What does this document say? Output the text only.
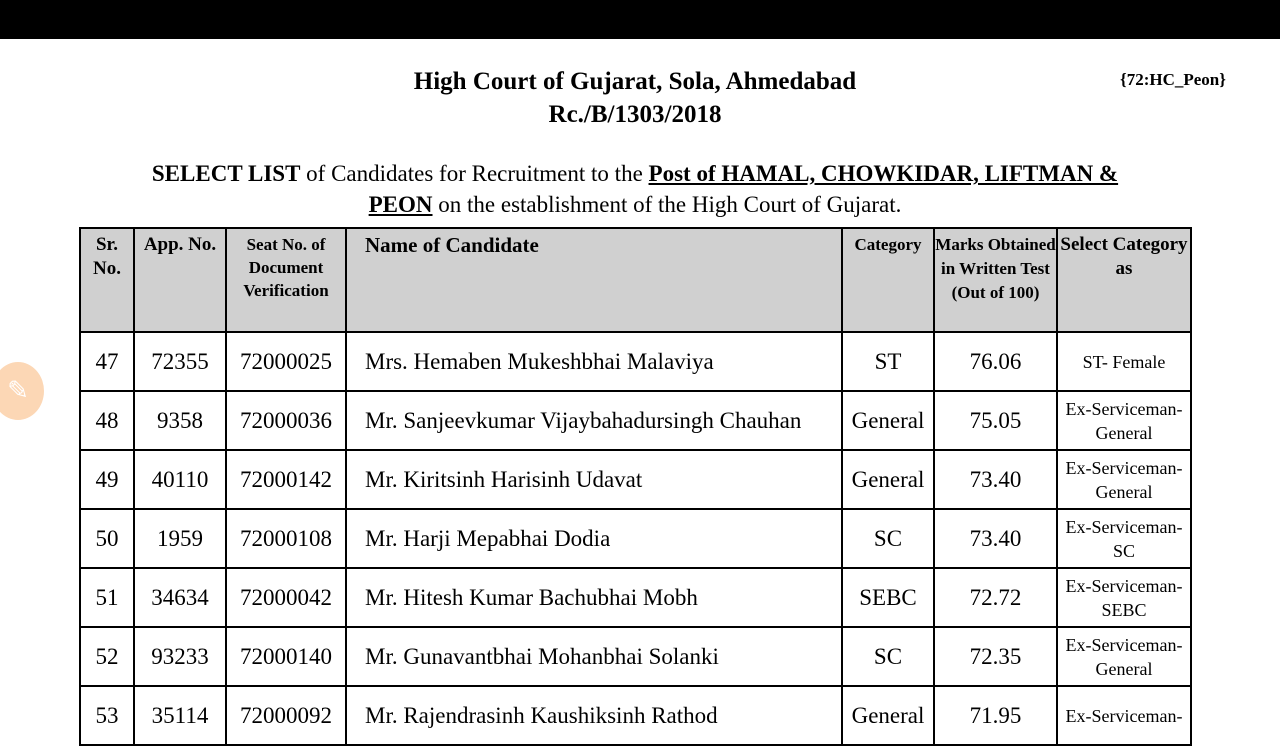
High Court of Gujarat, Sola, Ahmedabad
Rc./B/1303/2018
{72:HC_Peon}
SELECT LIST of Candidates for Recruitment to the Post of HAMAL, CHOWKIDAR, LIFTMAN &
PEON on the establishment of the High Court of Gujarat.
Sr. No.	App. No.	Seat No. of Document Verification	Name of Candidate	Category	Marks Obtained in Written Test (Out of 100)	Select Category as
47	72355	72000025	Mrs. Hemaben Mukeshbhai Malaviya	ST	76.06	ST- Female
48	9358	72000036	Mr. Sanjeevkumar Vijaybahadursingh Chauhan	General	75.05	Ex-Serviceman-General
49	40110	72000142	Mr. Kiritsinh Harisinh Udavat	General	73.40	Ex-Serviceman-General
50	1959	72000108	Mr. Harji Mepabhai Dodia	SC	73.40	Ex-Serviceman-SC
51	34634	72000042	Mr. Hitesh Kumar Bachubhai Mobh	SEBC	72.72	Ex-Serviceman-SEBC
52	93233	72000140	Mr. Gunavantbhai Mohanbhai Solanki	SC	72.35	Ex-Serviceman-General
53	35114	72000092	Mr. Rajendrasinh Kaushiksinh Rathod	General	71.95	Ex-Serviceman-
✎
